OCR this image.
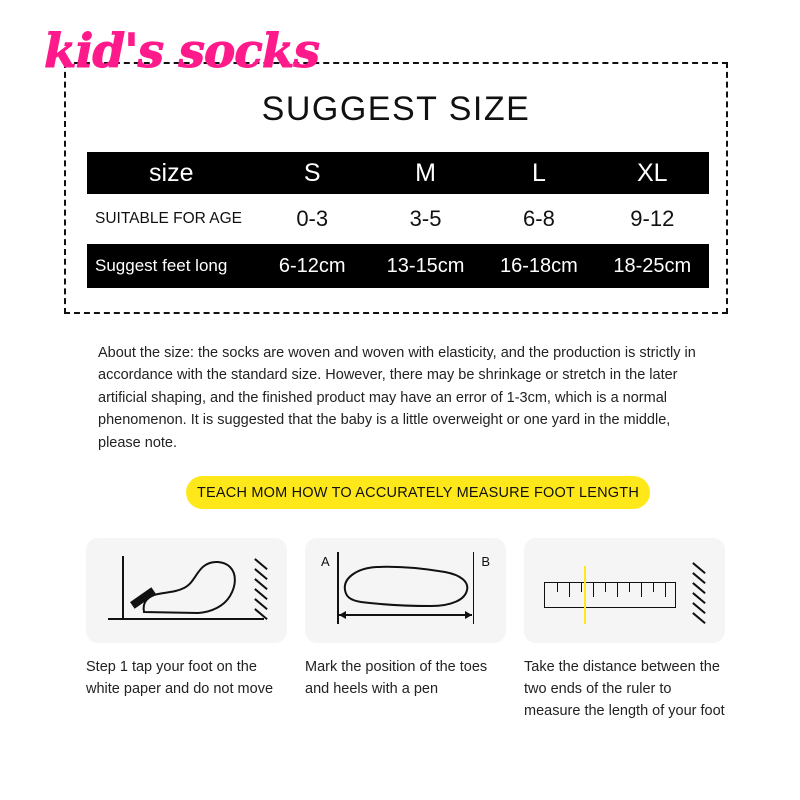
kid's socks
SUGGEST SIZE
size	S	M	L	XL
SUITABLE FOR AGE	0-3	3-5	6-8	9-12
Suggest feet long	6-12cm	13-15cm	16-18cm	18-25cm
About the size: the socks are woven and woven with elasticity, and the production is strictly in accordance with the standard size. However, there may be shrinkage or stretch in the later artificial shaping, and the finished product may have an error of 1-3cm, which is a normal phenomenon. It is suggested that the baby is a little overweight or one yard in the middle, please note.
TEACH MOM HOW TO ACCURATELY MEASURE FOOT LENGTH
Step 1 tap your foot on the white paper and do not move
A	B
Mark the position of the toes and heels with a pen
Take the distance between the two ends of the ruler to measure the length of your foot
